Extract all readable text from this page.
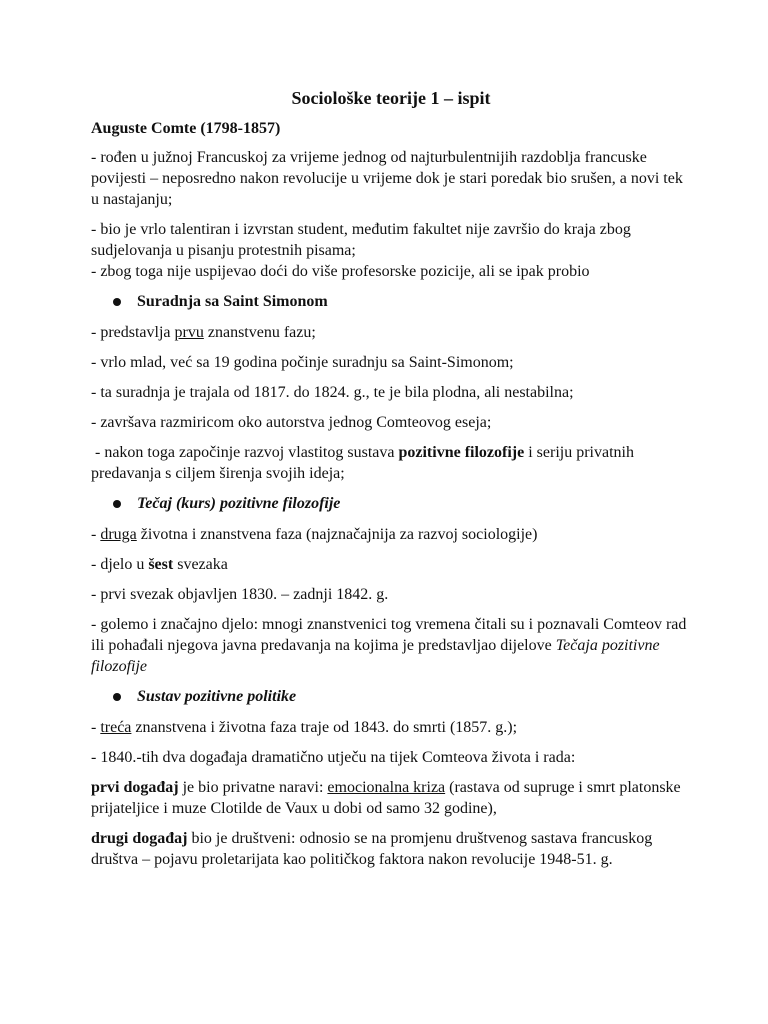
Sociološke teorije 1 – ispit
Auguste Comte (1798-1857)

- rođen u južnoj Francuskoj za vrijeme jednog od najturbulentnijih razdoblja francuske povijesti – neposredno nakon revolucije u vrijeme dok je stari poredak bio srušen, a novi tek u nastajanju;

- bio je vrlo talentiran i izvrstan student, međutim fakultet nije završio do kraja zbog sudjelovanja u pisanju protestnih pisama;

- zbog toga nije uspijevao doći do više profesorske pozicije, ali se ipak probio

Suradnja sa Saint Simonom

- predstavlja prvu znanstvenu fazu;

- vrlo mlad, već sa 19 godina počinje suradnju sa Saint-Simonom;

- ta suradnja je trajala od 1817. do 1824. g., te je bila plodna, ali nestabilna;

- završava razmiricom oko autorstva jednog Comteovog eseja;

- nakon toga započinje razvoj vlastitog sustava pozitivne filozofije i seriju privatnih predavanja s ciljem širenja svojih ideja;

Tečaj (kurs) pozitivne filozofije

- druga životna i znanstvena faza (najznačajnija za razvoj sociologije)

- djelo u šest svezaka

- prvi svezak objavljen 1830. – zadnji 1842. g.

- golemo i značajno djelo: mnogi znanstvenici tog vremena čitali su i poznavali Comteov rad ili pohađali njegova javna predavanja na kojima je predstavljao dijelove Tečaja pozitivne filozofije

Sustav pozitivne politike

- treća znanstvena i životna faza traje od 1843. do smrti (1857. g.);

- 1840.-tih dva događaja dramatično utječu na tijek Comteova života i rada:

prvi događaj je bio privatne naravi: emocionalna kriza (rastava od supruge i smrt platonske prijateljice i muze Clotilde de Vaux u dobi od samo 32 godine),

drugi događaj bio je društveni: odnosio se na promjenu društvenog sastava francuskog društva – pojavu proletarijata kao političkog faktora nakon revolucije 1948-51. g.
